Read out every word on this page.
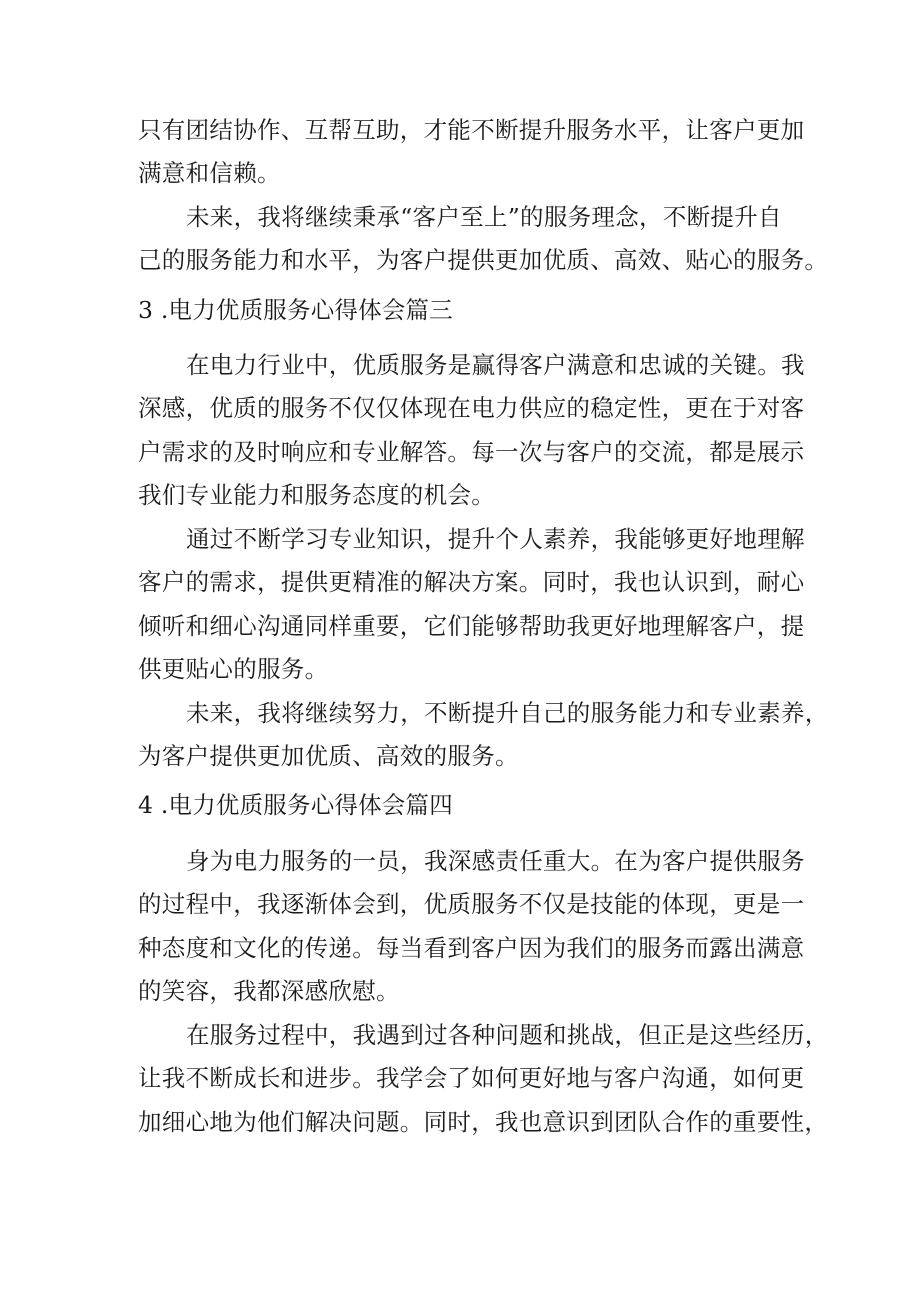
只有团结协作、互帮互助，才能不断提升服务水平，让客户更加
满意和信赖。
未来，我将继续秉承“客户至上”的服务理念，不断提升自
己的服务能力和水平，为客户提供更加优质、高效、贴心的服务。
3 .电力优质服务心得体会篇三
在电力行业中，优质服务是赢得客户满意和忠诚的关键。我
深感，优质的服务不仅仅体现在电力供应的稳定性，更在于对客
户需求的及时响应和专业解答。每一次与客户的交流，都是展示
我们专业能力和服务态度的机会。
通过不断学习专业知识，提升个人素养，我能够更好地理解
客户的需求，提供更精准的解决方案。同时，我也认识到，耐心
倾听和细心沟通同样重要，它们能够帮助我更好地理解客户，提
供更贴心的服务。
未来，我将继续努力，不断提升自己的服务能力和专业素养，
为客户提供更加优质、高效的服务。
4 .电力优质服务心得体会篇四
身为电力服务的一员，我深感责任重大。在为客户提供服务
的过程中，我逐渐体会到，优质服务不仅是技能的体现，更是一
种态度和文化的传递。每当看到客户因为我们的服务而露出满意
的笑容，我都深感欣慰。
在服务过程中，我遇到过各种问题和挑战，但正是这些经历，
让我不断成长和进步。我学会了如何更好地与客户沟通，如何更
加细心地为他们解决问题。同时，我也意识到团队合作的重要性，
